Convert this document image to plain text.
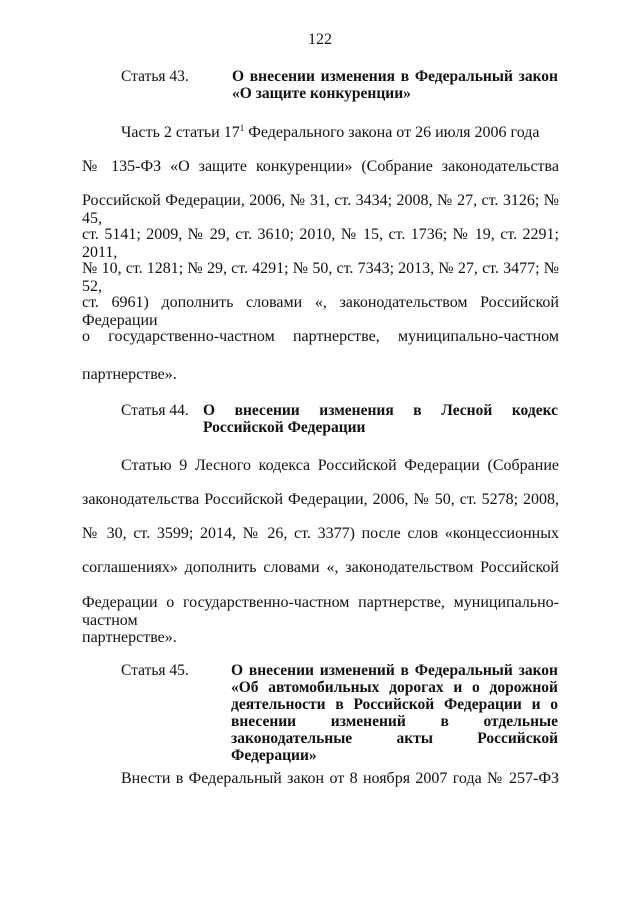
122
Статья 43.	О внесении изменения в Федеральный закон «О защите конкуренции»
Часть 2 статьи $17^1$ Федерального закона от 26 июля 2006 года
№ 135-ФЗ «О защите конкуренции» (Собрание законодательства
Российской Федерации, 2006, № 31, ст. 3434; 2008, № 27, ст. 3126; № 45,
ст. 5141; 2009, № 29, ст. 3610; 2010, № 15, ст. 1736; № 19, ст. 2291; 2011,
№ 10, ст. 1281; № 29, ст. 4291; № 50, ст. 7343; 2013, № 27, ст. 3477; № 52,
ст. 6961) дополнить словами «, законодательством Российской Федерации
о государственно-частном партнерстве, муниципально-частном
партнерстве».
Статья 44. О внесении изменения в Лесной кодекс Российской Федерации
Статью 9 Лесного кодекса Российской Федерации (Собрание
законодательства Российской Федерации, 2006, № 50, ст. 5278; 2008,
№ 30, ст. 3599; 2014, № 26, ст. 3377) после слов «концессионных
соглашениях» дополнить словами «, законодательством Российской
Федерации о государственно-частном партнерстве, муниципально-частном
партнерстве».
Статья 45.	О внесении изменений в Федеральный закон «Об автомобильных дорогах и о дорожной деятельности в Российской Федерации и о внесении изменений в отдельные законодательные акты Российской Федерации»
Внести в Федеральный закон от 8 ноября 2007 года № 257-ФЗ
